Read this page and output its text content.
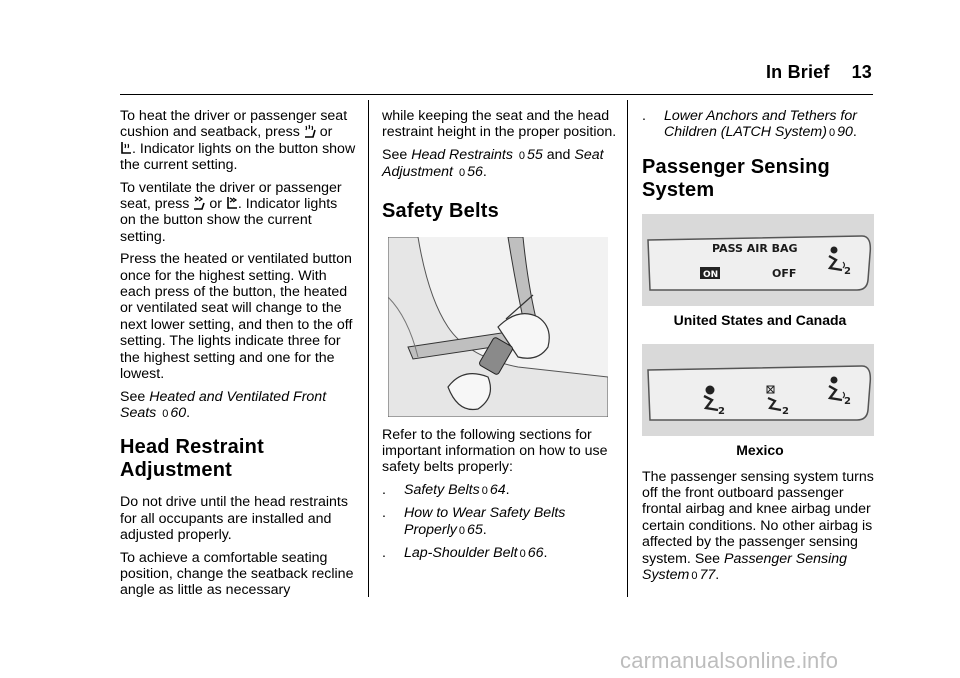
In Brief 13

To heat the driver or passenger seat
cushion and seatback, press or
. Indicator lights on the button show the current setting.

To ventilate the driver or passenger
seat, press or . Indicator lights
on the button show the current setting.

Press the heated or ventilated button once for the highest setting. With each press of the button, the heated or ventilated seat will change to the next lower setting, and then to the off setting. The lights indicate three for the highest setting and one for the lowest.

See Heated and Ventilated Front Seats 0 60.

Head Restraint Adjustment

Do not drive until the head restraints for all occupants are installed and adjusted properly.

To achieve a comfortable seating position, change the seatback recline angle as little as necessary

while keeping the seat and the head restraint height in the proper position.

See Head Restraints 0 55 and Seat Adjustment 0 56.

Safety Belts

Refer to the following sections for important information on how to use safety belts properly:

.	Safety Belts 0 64.
.	How to Wear Safety Belts Properly 0 65.
.	Lap-Shoulder Belt 0 66.
.	Lower Anchors and Tethers for Children (LATCH System) 0 90.
Passenger Sensing System
PASS AIR BAG
ON	OFF	2
United States and Canada
2	2
2
Mexico

The passenger sensing system turns off the front outboard passenger frontal airbag and knee airbag under certain conditions. No other airbag is affected by the passenger sensing system. See Passenger Sensing System 0 77.

carmanualsonline.info
